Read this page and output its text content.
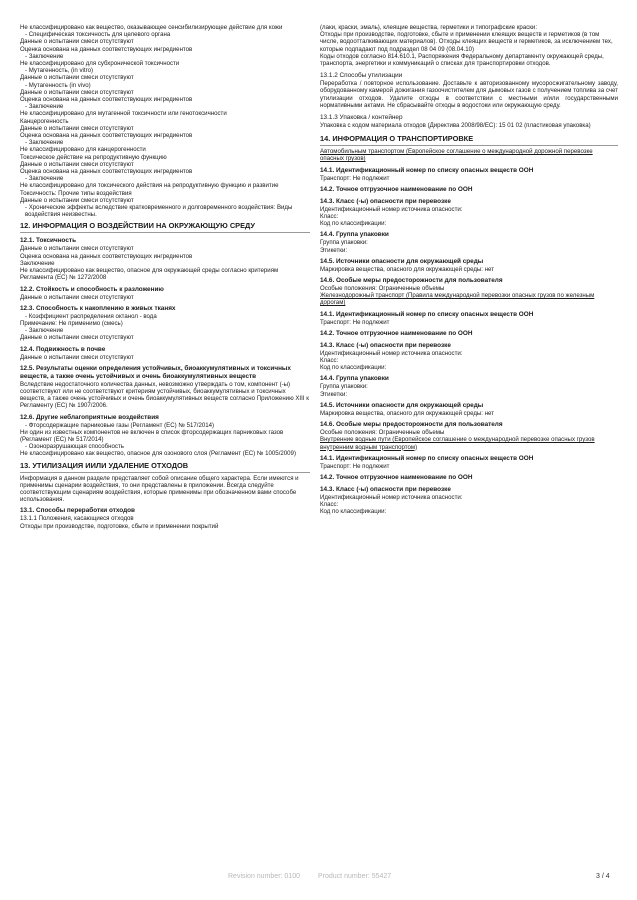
Не классифицировано как вещество, оказывающее сенсибилизирующее действие для кожи
- Специфическая токсичность для целевого органа
Данные о испытании смеси отсутствуют
Оценка основана на данных соответствующих ингредиентов
- Заключение
Не классифицировано для субхронической токсичности
- Мутагенность, (in vitro)
Данные о испытании смеси отсутствуют
- Мутагенность (in vivo)
Данные о испытании смеси отсутствуют
Оценка основана на данных соответствующих ингредиентов
- Заключение
Не классифицировано для мутагенной токсичности или генотоксичности
Канцерогенность
Данные о испытании смеси отсутствуют
Оценка основана на данных соответствующих ингредиентов
- Заключение
Не классифицировано для канцерогенности
Токсическое действие на репродуктивную функцию
Данные о испытании смеси отсутствуют
Оценка основана на данных соответствующих ингредиентов
- Заключение
Не классифицировано для токсического действия на репродуктивную функцию и развитие
Токсичность: Прочие типы воздействия
Данные о испытании смеси отсутствуют
- Хронические эффекты вследствие кратковременного и долговременного воздействия: Виды воздействия неизвестны.
12. ИНФОРМАЦИЯ О ВОЗДЕЙСТВИИ НА ОКРУЖАЮЩУЮ СРЕДУ
12.1. Токсичность
Данные о испытании смеси отсутствуют
Оценка основана на данных соответствующих ингредиентов
Заключение
Не классифицировано как вещество, опасное для окружающей среды согласно критериям Регламента (ЕС) № 1272/2008
12.2. Стойкость и способность к разложению
Данные о испытании смеси отсутствуют
12.3. Способность к накоплению в живых тканях
- Коэффициент распределения октанол - вода
Примечание: Не применимо (смесь)
- Заключение
Данные о испытании смеси отсутствуют
12.4. Подвижность в почве
Данные о испытании смеси отсутствуют
12.5. Результаты оценки определения устойчивых, биоаккумулятивных и токсичных веществ, а также очень устойчивых и очень биоаккумулятивных веществ
Вследствие недостаточного количества данных, невозможно утверждать о том, компонент (-ы) соответствуют или не соответствуют критериям устойчивых, биоаккумулятивных и токсичных веществ, а также очень устойчивых и очень биоаккумулятивных веществ согласно Приложению XIII к Регламенту (ЕС) № 1907/2006.
12.6. Другие неблагоприятные воздействия
- Фторсодержащие парниковые газы (Регламент (ЕС) № 517/2014)
Ни один из известных компонентов не включен в список фторсодержащих парниковых газов (Регламент (ЕС) № 517/2014)
- Озоноразрушающая способность
Не классифицировано как вещество, опасное для озонового слоя (Регламент (ЕС) № 1005/2009)
13. УТИЛИЗАЦИЯ ИИЛИ УДАЛЕНИЕ ОТХОДОВ
Информация в данном разделе представляет собой описание общего характера. Если имеются и применимы сценарии воздействия, то они представлены в приложении. Всегда следуйте соответствующим сценариям воздействия, которые применимы при обозначенном вами способе использования.
13.1. Способы переработки отходов
13.1.1 Положения, касающиеся отходов
Отходы при производстве, подготовке, сбыте и применении покрытий
(лаки, краски, эмаль), клеящие вещества, герметики и типографские краски:
Отходы при производстве, подготовке, сбыте и применении клеящих веществ и герметиков (в том числе, водоотталкивающих материалов). Отходы клеящих веществ и герметиков, за исключением тех, которые подпадают под подраздел 08 04 09 (08.04.10)
Коды отходов согласно 814.610.1, Распоряжения Федеральному департаменту окружающей среды, транспорта, энергетики и коммуникаций о списках для транспортировки отходов.
13.1.2 Способы утилизации
Переработка / повторное использование. Доставьте к авторизованному мусоросжигательному заводу, оборудованному камерой дожигания газоочистителем для дымовых газов с получением топлива за счет утилизации отходов. Удалите отходы в соответствии с местными и/или государственными нормативными актами. Не сбрасывайте отходы в водостоки или окружающую среду.
13.1.3 Упаковка / контейнер
Упаковка с кодом материала отходов (Директива 2008/98/ЕС): 15 01 02 (пластиковая упаковка)
14. ИНФОРМАЦИЯ О ТРАНСПОРТИРОВКЕ
Автомобильным транспортом (Европейское соглашение о международной дорожной перевозке опасных грузов)
14.1. Идентификационный номер по списку опасных веществ ООН
Транспорт: Не подлежит
14.2. Точное отгрузочное наименование по ООН
14.3. Класс (-ы) опасности при перевозке
Идентификационный номер источника опасности:
Класс:
Код по классификации:
14.4. Группа упаковки
Группа упаковки:
Этикетки:
14.5. Источники опасности для окружающей среды
Маркировка вещества, опасного для окружающей среды: нет
14.6. Особые меры предосторожности для пользователя
Особые положения: Ограниченные объемы
Железнодорожный транспорт (Правила международной перевозки опасных грузов по железным дорогам)
14.1. Идентификационный номер по списку опасных веществ ООН
Транспорт: Не подлежит
14.2. Точное отгрузочное наименование по ООН
14.3. Класс (-ы) опасности при перевозке
Идентификационный номер источника опасности:
Класс:
Код по классификации:
14.4. Группа упаковки
Группа упаковки:
Этикетки:
14.5. Источники опасности для окружающей среды
Маркировка вещества, опасного для окружающей среды: нет
14.6. Особые меры предосторожности для пользователя
Особые положения: Ограниченные объемы
Внутренние водные пути (Европейское соглашение о международной перевозке опасных грузов внутренним водным транспортом)
14.1. Идентификационный номер по списку опасных веществ ООН
Транспорт: Не подлежит
14.2. Точное отгрузочное наименование по ООН
14.3. Класс (-ы) опасности при перевозке
Идентификационный номер источника опасности:
Класс:
Код по классификации:
Revision number: 0100	Product number: 55427	3 / 4
